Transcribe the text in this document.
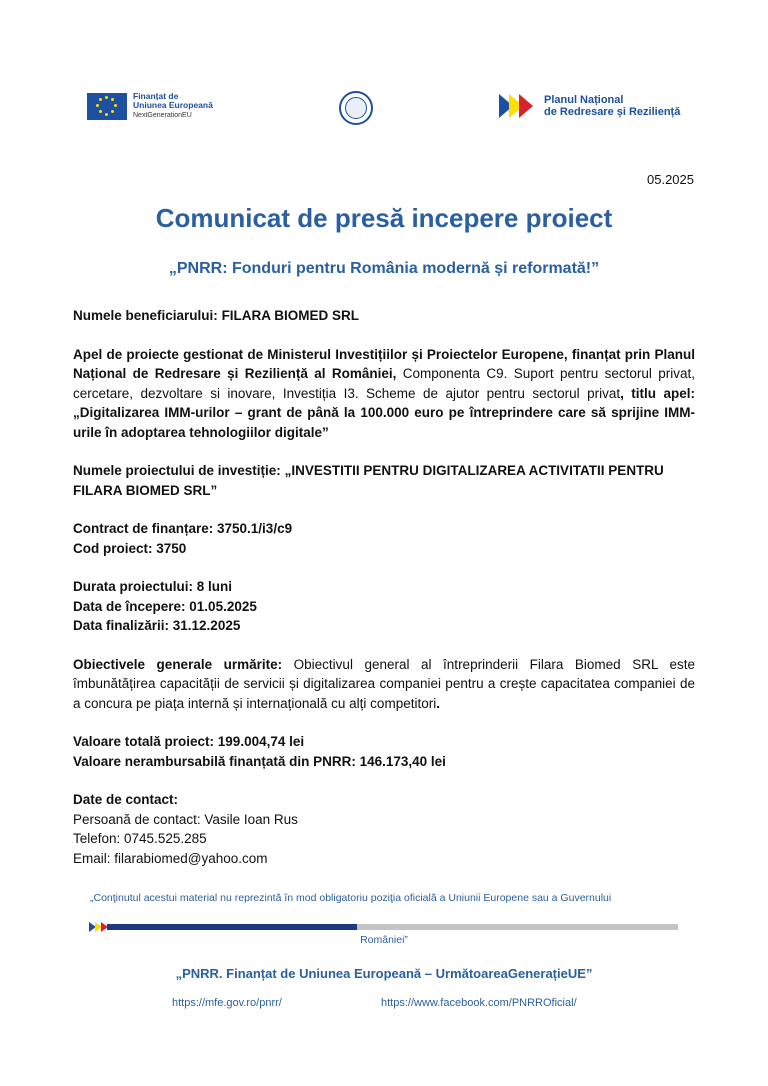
Finanțat de
Uniunea Europeană
NextGenerationEU
Planul Național
de Redresare și Reziliență
05.2025
Comunicat de presă incepere proiect
„PNRR: Fonduri pentru România modernă și reformată!”

Numele beneficiarului: FILARA BIOMED SRL

Apel de proiecte gestionat de Ministerul Investițiilor și Proiectelor Europene, finanțat prin Planul Național de Redresare și Reziliență al României, Componenta C9. Suport pentru sectorul privat, cercetare, dezvoltare si inovare, Investiția I3. Scheme de ajutor pentru sectorul privat, titlu apel: „Digitalizarea IMM-urilor – grant de până la 100.000 euro pe întreprindere care să sprijine IMM-urile în adoptarea tehnologiilor digitale”

Numele proiectului de investiție: „INVESTITII PENTRU DIGITALIZAREA ACTIVITATII PENTRU FILARA BIOMED SRL”

Contract de finanțare: 3750.1/i3/c9
Cod proiect: 3750

Durata proiectului: 8 luni
Data de începere: 01.05.2025
Data finalizării: 31.12.2025

Obiectivele generale urmărite: Obiectivul general al întreprinderii Filara Biomed SRL este îmbunătățirea capacității de servicii și digitalizarea companiei pentru a crește capacitatea companiei de a concura pe piața internă și internațională cu alți competitori.

Valoare totală proiect: 199.004,74 lei
Valoare nerambursabilă finanțată din PNRR: 146.173,40 lei

Date de contact:
Persoană de contact: Vasile Ioan Rus
Telefon: 0745.525.285
Email: filarabiomed@yahoo.com

„Conţinutul acestui material nu reprezintă în mod obligatoriu poziţia oficială a Uniunii Europene sau a Guvernului
României”
„PNRR. Finanțat de Uniunea Europeană – UrmătoareaGenerațieUE”
https://mfe.gov.ro/pnrr/	https://www.facebook.com/PNRROficial/
